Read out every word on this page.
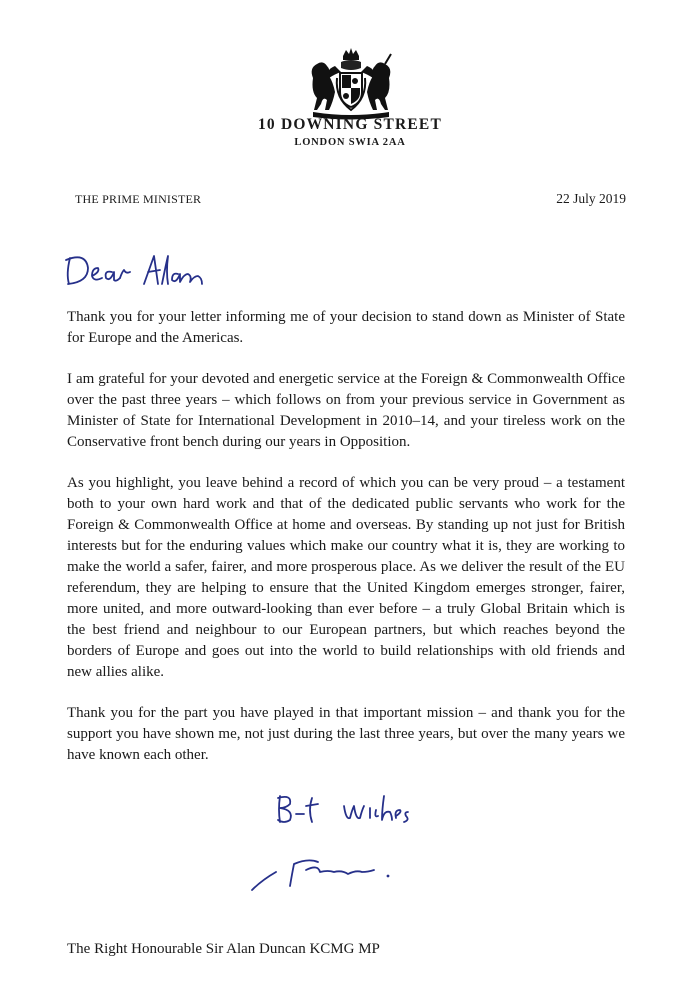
10 DOWNING STREET
LONDON SWIA 2AA
THE PRIME MINISTER	22 July 2019

Thank you for your letter informing me of your decision to stand down as Minister of State for Europe and the Americas.

I am grateful for your devoted and energetic service at the Foreign & Commonwealth Office over the past three years – which follows on from your previous service in Government as Minister of State for International Development in 2010–14, and your tireless work on the Conservative front bench during our years in Opposition.

As you highlight, you leave behind a record of which you can be very proud – a testament both to your own hard work and that of the dedicated public servants who work for the Foreign & Commonwealth Office at home and overseas. By standing up not just for British interests but for the enduring values which make our country what it is, they are working to make the world a safer, fairer, and more prosperous place. As we deliver the result of the EU referendum, they are helping to ensure that the United Kingdom emerges stronger, fairer, more united, and more outward-looking than ever before – a truly Global Britain which is the best friend and neighbour to our European partners, but which reaches beyond the borders of Europe and goes out into the world to build relationships with old friends and new allies alike.

Thank you for the part you have played in that important mission – and thank you for the support you have shown me, not just during the last three years, but over the many years we have known each other.

The Right Honourable Sir Alan Duncan KCMG MP
